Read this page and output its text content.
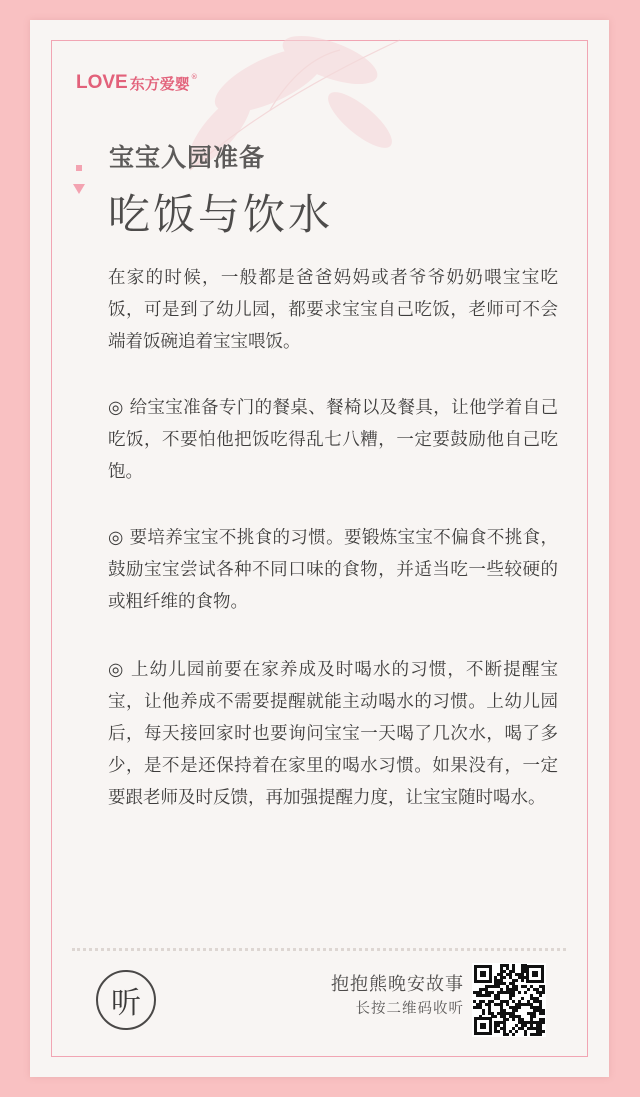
LOVE 东方爱婴 ®
宝宝入园准备
吃饭与饮水

在家的时候，一般都是爸爸妈妈或者爷爷奶奶喂宝宝吃饭，可是到了幼儿园，都要求宝宝自己吃饭，老师可不会端着饭碗追着宝宝喂饭。

◎ 给宝宝准备专门的餐桌、餐椅以及餐具，让他学着自己吃饭，不要怕他把饭吃得乱七八糟，一定要鼓励他自己吃饱。

◎ 要培养宝宝不挑食的习惯。要锻炼宝宝不偏食不挑食，鼓励宝宝尝试各种不同口味的食物，并适当吃一些较硬的或粗纤维的食物。

◎ 上幼儿园前要在家养成及时喝水的习惯，不断提醒宝宝，让他养成不需要提醒就能主动喝水的习惯。上幼儿园后，每天接回家时也要询问宝宝一天喝了几次水，喝了多少，是不是还保持着在家里的喝水习惯。如果没有，一定要跟老师及时反馈，再加强提醒力度，让宝宝随时喝水。

听
抱抱熊晚安故事
长按二维码收听
